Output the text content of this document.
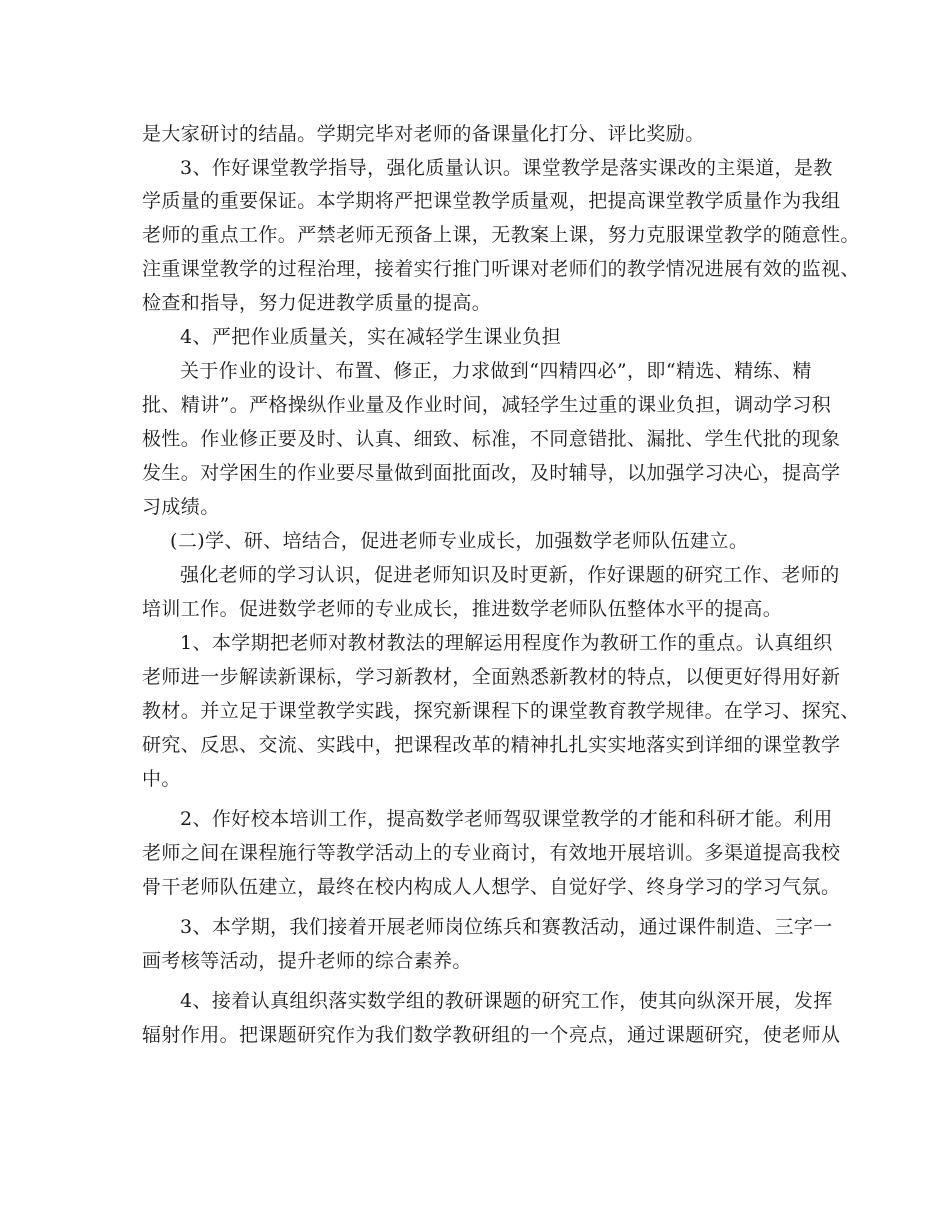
是大家研讨的结晶。学期完毕对老师的备课量化打分、评比奖励。
3、作好课堂教学指导，强化质量认识。课堂教学是落实课改的主渠道，是教
学质量的重要保证。本学期将严把课堂教学质量观，把提高课堂教学质量作为我组
老师的重点工作。严禁老师无预备上课，无教案上课，努力克服课堂教学的随意性。
注重课堂教学的过程治理，接着实行推门听课对老师们的教学情况进展有效的监视、
检查和指导，努力促进教学质量的提高。
4、严把作业质量关，实在减轻学生课业负担
关于作业的设计、布置、修正，力求做到“四精四必”，即“精选、精练、精
批、精讲”。严格操纵作业量及作业时间，减轻学生过重的课业负担，调动学习积
极性。作业修正要及时、认真、细致、标准，不同意错批、漏批、学生代批的现象
发生。对学困生的作业要尽量做到面批面改，及时辅导，以加强学习决心，提高学
习成绩。
(二)学、研、培结合，促进老师专业成长，加强数学老师队伍建立。
强化老师的学习认识，促进老师知识及时更新，作好课题的研究工作、老师的
培训工作。促进数学老师的专业成长，推进数学老师队伍整体水平的提高。
1、本学期把老师对教材教法的理解运用程度作为教研工作的重点。认真组织
老师进一步解读新课标，学习新教材，全面熟悉新教材的特点，以便更好得用好新
教材。并立足于课堂教学实践，探究新课程下的课堂教育教学规律。在学习、探究、
研究、反思、交流、实践中，把课程改革的精神扎扎实实地落实到详细的课堂教学
中。
2、作好校本培训工作，提高数学老师驾驭课堂教学的才能和科研才能。利用
老师之间在课程施行等教学活动上的专业商讨，有效地开展培训。多渠道提高我校
骨干老师队伍建立，最终在校内构成人人想学、自觉好学、终身学习的学习气氛。
3、本学期，我们接着开展老师岗位练兵和赛教活动，通过课件制造、三字一
画考核等活动，提升老师的综合素养。
4、接着认真组织落实数学组的教研课题的研究工作，使其向纵深开展，发挥
辐射作用。把课题研究作为我们数学教研组的一个亮点，通过课题研究，使老师从
